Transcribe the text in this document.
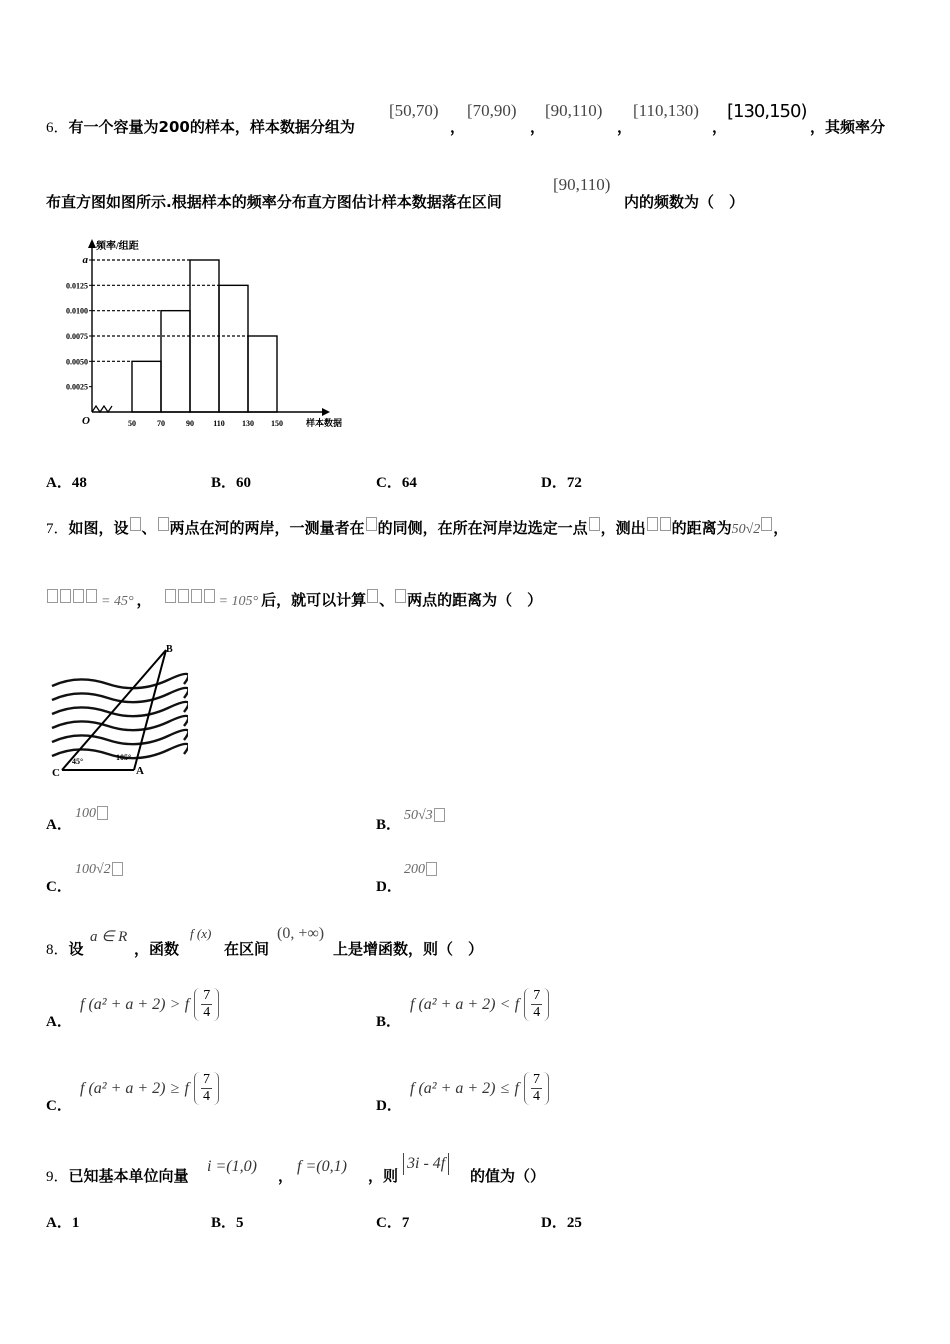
6．有一个容量为200的样本，样本数据分组为
[50,70)
，
[70,90)
，
[90,110)
，
[110,130)
，
[130,150)
，其频率分
布直方图如图所示.根据样本的频率分布直方图估计样本数据落在区间
[90,110)
内的频数为（　）
0.0025
0.0050
0.0075
0.0100
0.0125
a
50	70	90 110 130 150
频率/组距
样本数据
O
A．48	B．60	C．64	D．72
7．如图，设 、 两点在河的两岸，一测量者在 的同侧，在所在河岸边选定一点 ，测出 的距离为50√2 ，
= 45° ，	= 105° 后，就可以计算 、 两点的距离为（　）
B
C	A
45°	105°
A．
100
B．
50√3
C．
100√2
D．
200
8．设
a ∈ R
，函数
f (x)
在区间
(0, +∞)
上是增函数，则（　）
A．
f (a² + a + 2) > f $\frac{7}{4}$
B．
f (a² + a + 2) < f $\frac{7}{4}$
C．
f (a² + a + 2) ≥ f $\frac{7}{4}$
D．
f (a² + a + 2) ≤ f $\frac{7}{4}$
9．已知基本单位向量
i =(1,0)
，
f =(0,1)
，则
3i - 4f
的值为（）
A．1	B．5	C．7	D．25
